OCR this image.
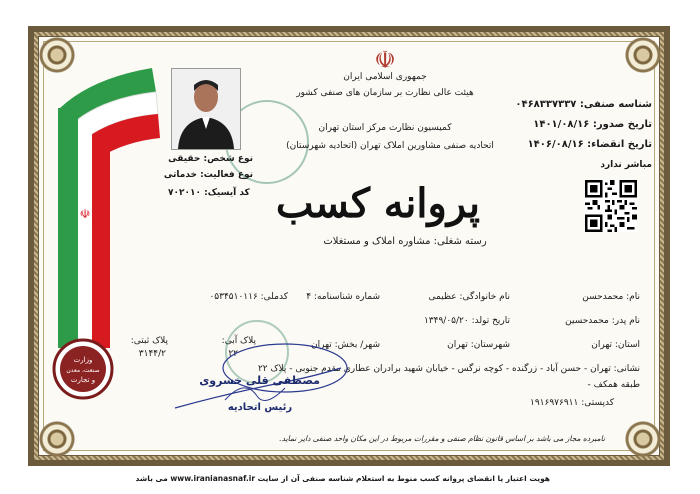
☫
☫
جمهوری اسلامی ایران
هیئت عالی نظارت بر سازمان های صنفی کشور
کمیسیون نظارت مرکز استان تهران
اتحادیه صنفی مشاورین املاک تهران (اتحادیه شهرستان)
پروانه کسب
رسته شغلی: مشاوره املاک و مستغلات
شناسه صنفی: ۰۴۶۸۳۳۷۳۳۷
تاریخ صدور: ۱۴۰۱/۰۸/۱۶
تاریخ انقضاء: ۱۴۰۶/۰۸/۱۶
مباشر ندارد
نوع شخص: حقیقی
نوع فعالیت: خدماتی
کد آیسیک: ۷۰۲۰۱۰
نام: محمدحسن
نام خانوادگی: عظیمی
شماره شناسنامه: ۴
کدملی: ۰۵۳۴۵۱۰۱۱۶
نام پدر: محمدحسین
تاریخ تولد: ۱۳۴۹/۰۵/۲۰
استان: تهران
شهرستان: تهران
شهر/ بخش: تهران
پلاک آبی:
۲۲
پلاک ثبتی:
۳۱۴۴/۲
نشانی: تهران - حسن آباد - زرگنده - کوچه نرگس - خیابان شهید برادران عطاری مقدم جنوبی - پلاک ۲۲
طبقه همکف -
کدپستی: ۱۹۱۶۹۷۶۹۱۱
وزارت
صنعت، معدن
و تجارت	مصطفی قلی خسروی
رئیس اتحادیه
نامبرده مجاز می باشد بر اساس قانون نظام صنفی و مقررات مربوط در این مکان واحد صنفی دایر نماید.
هویت اعتبار یا انقضای پروانه کسب منوط به استعلام شناسه صنفی آن از سایت www.iranianasnaf.ir می باشد
